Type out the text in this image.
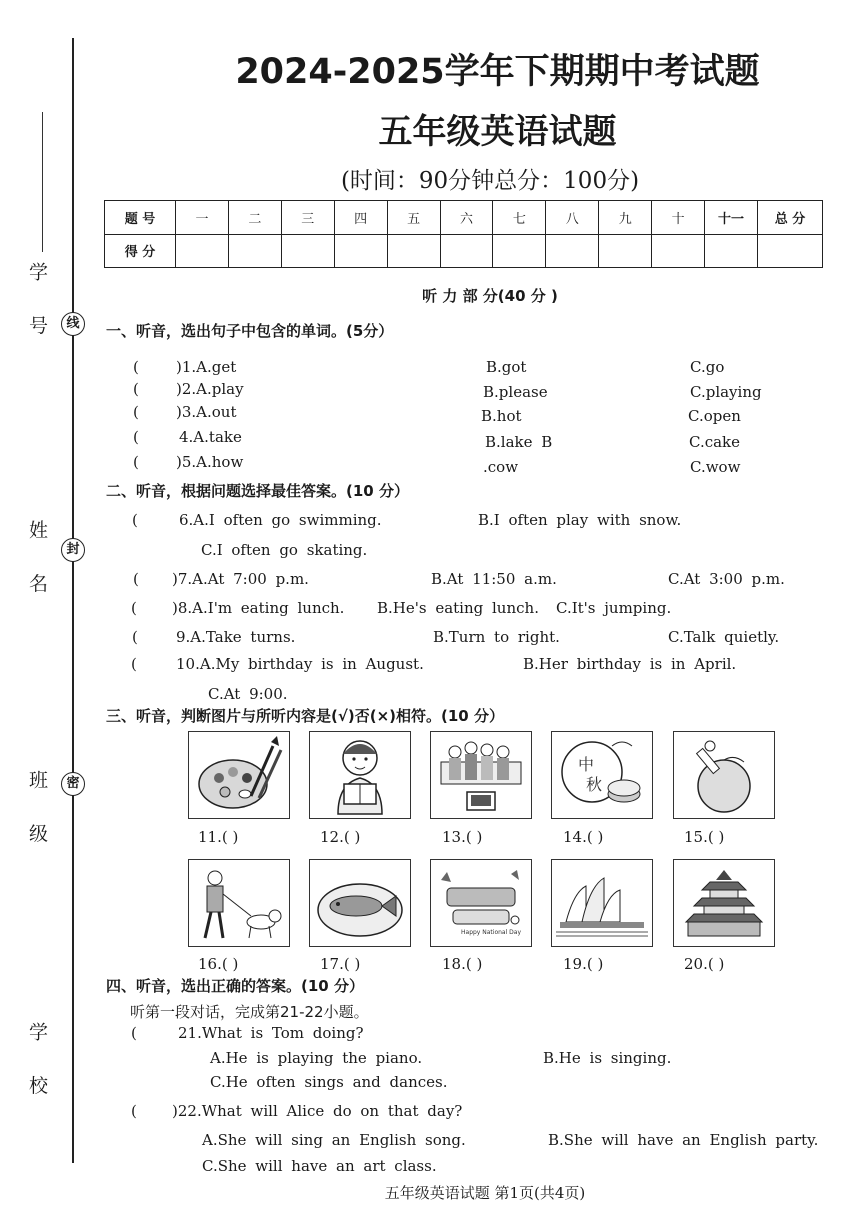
线
封
密
学 号
姓 名
班 级
学 校
2024-2025学年下期期中考试题
五年级英语试题
(时间：90分钟总分：100分)
题 号	一	二	三	四	五	六	七	八	九	十	十一	总 分
得 分												
听 力 部 分(40 分 )
一、听音，选出句子中包含的单词。(5分）
( )1.A.get	B.got	C.go
( )2.A.play	B.please	C.playing
( )3.A.out	B.hot	C.open
(	4.A.take	B.lake B	C.cake
( )5.A.how	.cow	C.wow
二、听音，根据问题选择最佳答案。(10 分）
(	6.A.I often go swimming.	B.I often play with snow.
C.I often go skating.
( )7.A.At 7:00 p.m.	B.At 11:50 a.m.	C.At 3:00 p.m.
( )8.A.I'm eating lunch. B.He's eating lunch. C.It's jumping.
(	9.A.Take turns.	B.Turn to right.	C.Talk quietly.
(	10.A.My birthday is in August.	B.Her birthday is in April.
C.At 9:00.
三、听音，判断图片与所听内容是(√)否(×)相符。(10 分）
中
秋
11.( )	12.( )	13.( )	14.( )	15.( )
Happy National Day
16.( )	17.( )	18.( )	19.( )	20.( )
四、听音，选出正确的答案。(10 分）
听第一段对话，完成第21-22小题。
(	21.What is Tom doing?
A.He is playing the piano.	B.He is singing.
C.He often sings and dances.
( )22.What will Alice do on that day?
A.She will sing an English song.	B.She will have an English party.
C.She will have an art class.
五年级英语试题 第1页(共4页)
